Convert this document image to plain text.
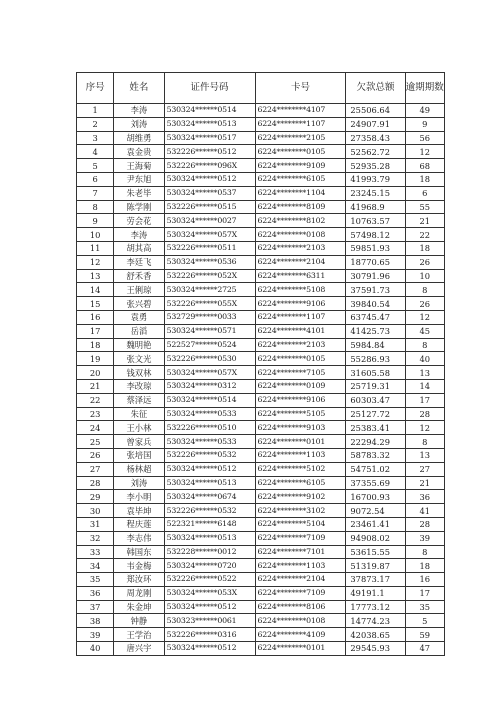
序号	姓名	证件号码	卡号	欠款总额	逾期期数
1	李涛	530324******0514	6224********4107	25506.64	49
2	刘涛	530324******0513	6224********1107	24907.91	9
3	胡维勇	530324******0517	6224********2105	27358.43	56
4	袁金贵	532226******0512	6224********0105	52562.72	12
5	王海菊	532226******096X	6224********9109	52935.28	68
6	尹东旭	530324******0512	6224********6105	41993.79	18
7	朱老毕	530324******0537	6224********1104	23245.15	6
8	陈学刚	532226******0515	6224********8109	41968.9	55
9	劳会花	530324******0027	6224********8102	10763.57	21
10	李涛	530324******057X	6224********0108	57498.12	22
11	胡其高	532226******0511	6224********2103	59851.93	18
12	李廷飞	530324******0536	6224********2104	18770.65	26
13	舒禾香	532226******052X	6224********6311	30791.96	10
14	王俐琼	530324******2725	6224********5108	37591.73	8
15	张兴碧	532226******055X	6224********9106	39840.54	26
16	袁勇	532729******0033	6224********1107	63745.47	12
17	岳滔	530324******0571	6224********4101	41425.73	45
18	魏明艳	522527******0524	6224********2103	5984.84	8
19	张文光	532226******0530	6224********0105	55286.93	40
20	钱双林	530324******057X	6224********7105	31605.58	13
21	李改琼	530324******0312	6224********0109	25719.31	14
22	蔡泽远	530324******0514	6224********9106	60303.47	17
23	朱征	530324******0533	6224********5105	25127.72	28
24	王小林	532226******0510	6224********9103	25383.41	12
25	曾家兵	530324******0533	6224********0101	22294.29	8
26	张培国	532226******0532	6224********1103	58783.32	13
27	杨林超	530324******0512	6224********5102	54751.02	27
28	刘涛	530324******0513	6224********6105	37355.69	21
29	李小明	530324******0674	6224********9102	16700.93	36
30	袁毕坤	532226******0532	6224********3102	9072.54	41
31	程庆莲	522321******6148	6224********5104	23461.41	28
32	李志伟	530324******0513	6224********7109	94908.02	39
33	韩国东	532228******0012	6224********7101	53615.55	8
34	韦金梅	530324******0720	6224********1103	51319.87	18
35	郑汝环	532226******0522	6224********2104	37873.17	16
36	周龙刚	530324******053X	6224********7109	49191.1	17
37	朱金坤	530324******0512	6224********8106	17773.12	35
38	钟静	530323******0061	6224********0108	14774.23	5
39	王学治	532226******0316	6224********4109	42038.65	59
40	唐兴宇	530324******0512	6224********0101	29545.93	47
